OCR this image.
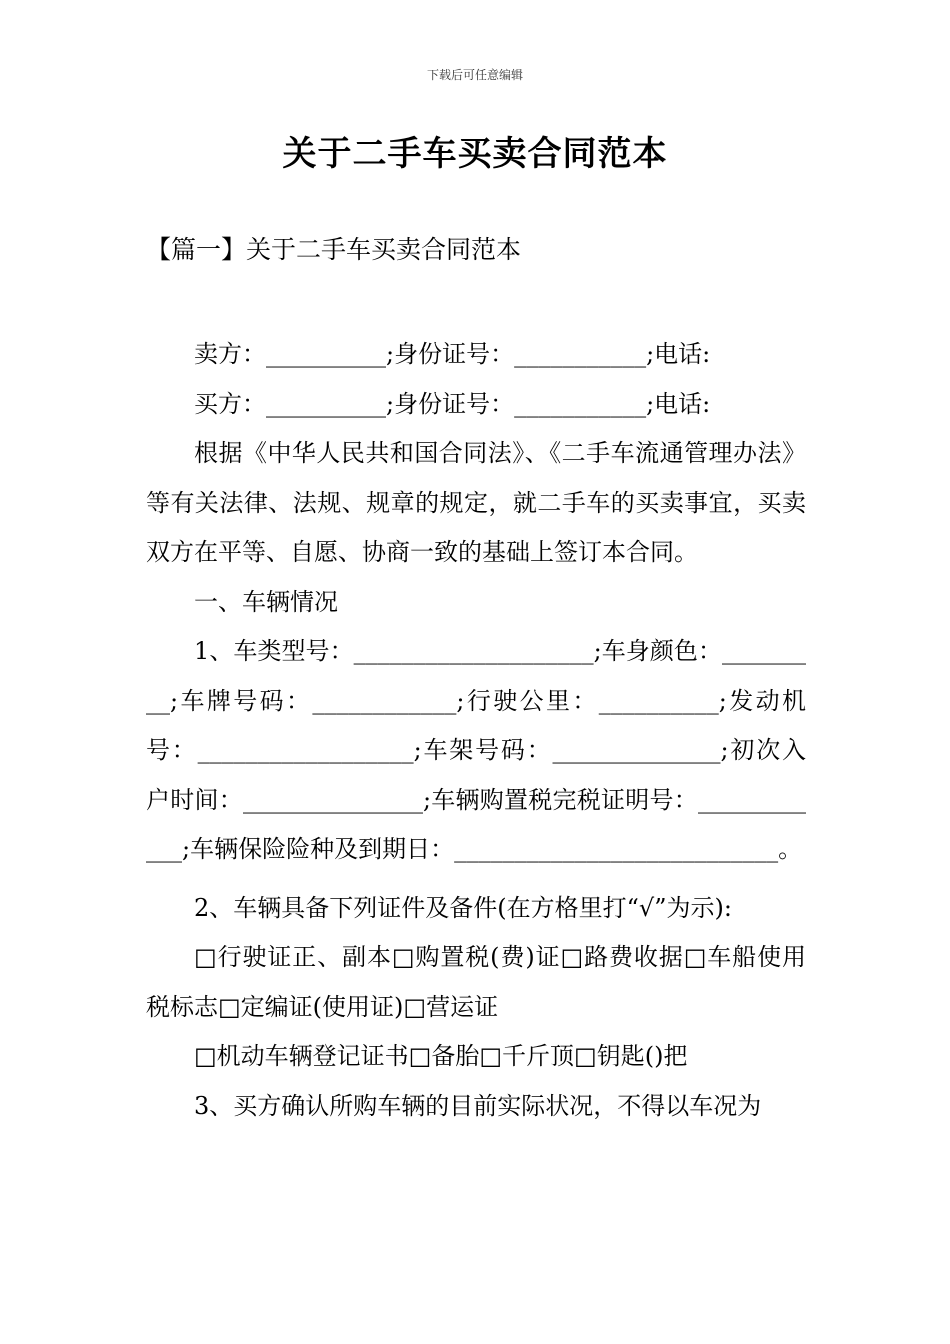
下载后可任意编辑
关于二手车买卖合同范本
【篇一】关于二手车买卖合同范本

卖方：__________;身份证号：___________;电话:

买方：__________;身份证号：___________;电话:

根据《中华人民共和国合同法》、《二手车流通管理办法》等有关法律、法规、规章的规定，就二手车的买卖事宜，买卖双方在平等、自愿、协商一致的基础上签订本合同。

一、车辆情况

1、车类型号：____________________;车身颜色：_________;车牌号码：____________;行驶公里：__________;发动机号：__________________;车架号码：______________;初次入户时间：_______________;车辆购置税完税证明号：____________;车辆保险险种及到期日：___________________________。

2、车辆具备下列证件及备件(在方格里打“√”为示):

□行驶证正、副本□购置税(费)证□路费收据□车船使用税标志□定编证(使用证)□营运证

□机动车辆登记证书□备胎□千斤顶□钥匙()把

3、买方确认所购车辆的目前实际状况，不得以车况为
